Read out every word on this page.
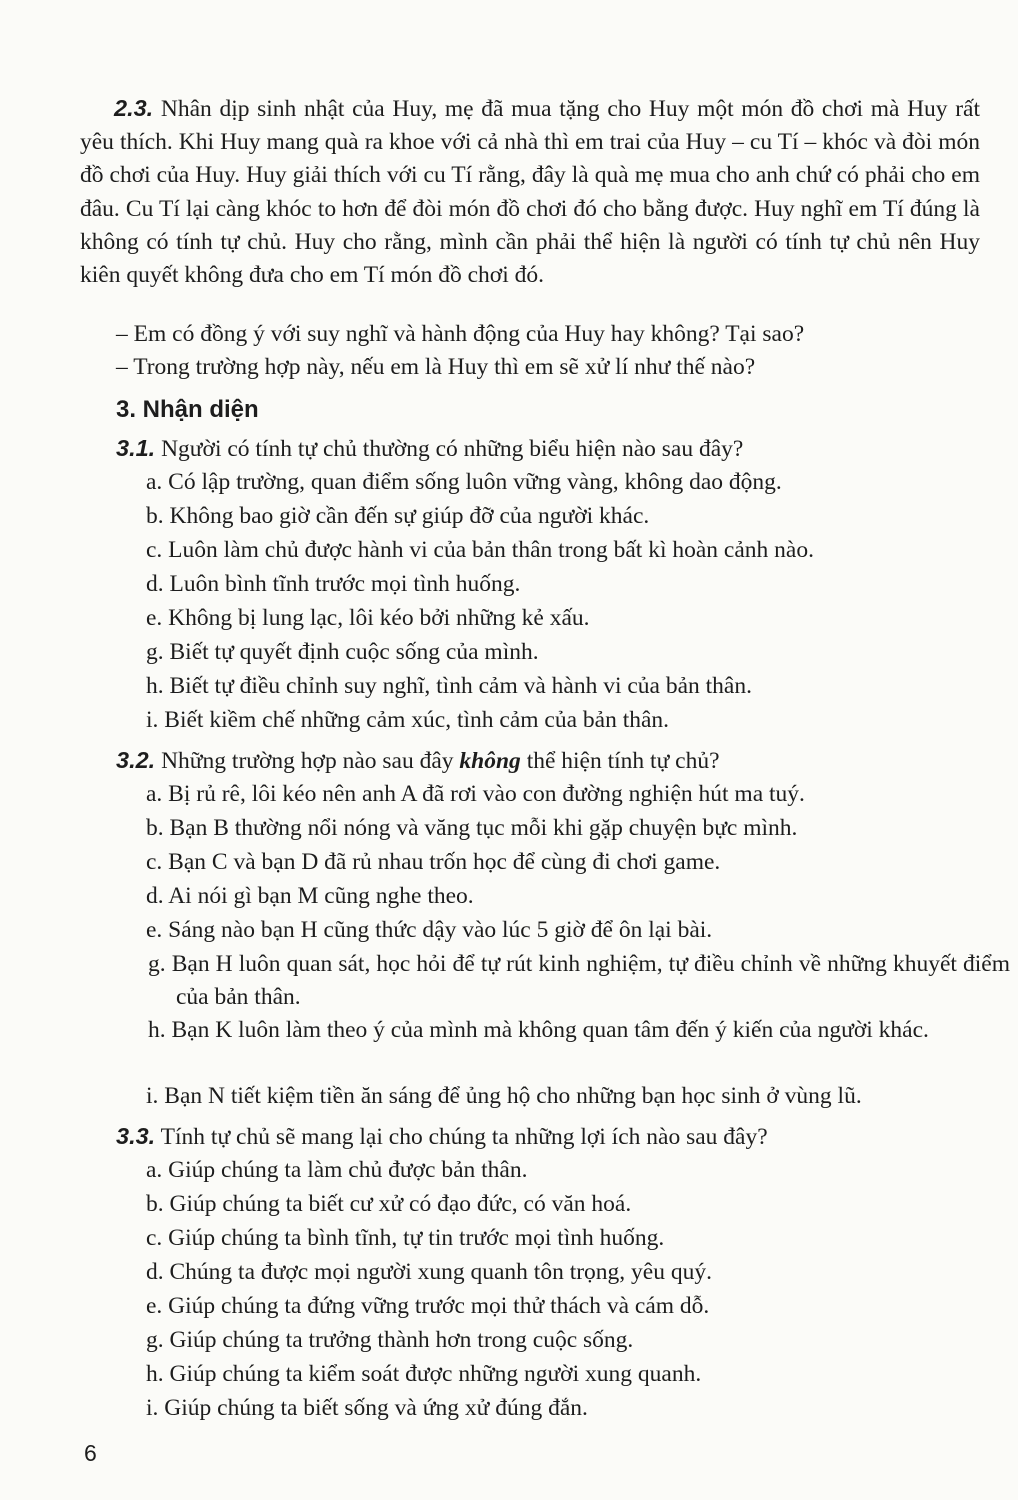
2.3. Nhân dịp sinh nhật của Huy, mẹ đã mua tặng cho Huy một món đồ chơi mà Huy rất yêu thích. Khi Huy mang quà ra khoe với cả nhà thì em trai của Huy – cu Tí – khóc và đòi món đồ chơi của Huy. Huy giải thích với cu Tí rằng, đây là quà mẹ mua cho anh chứ có phải cho em đâu. Cu Tí lại càng khóc to hơn để đòi món đồ chơi đó cho bằng được. Huy nghĩ em Tí đúng là không có tính tự chủ. Huy cho rằng, mình cần phải thể hiện là người có tính tự chủ nên Huy kiên quyết không đưa cho em Tí món đồ chơi đó.
– Em có đồng ý với suy nghĩ và hành động của Huy hay không? Tại sao?
– Trong trường hợp này, nếu em là Huy thì em sẽ xử lí như thế nào?
3. Nhận diện
3.1. Người có tính tự chủ thường có những biểu hiện nào sau đây?
a. Có lập trường, quan điểm sống luôn vững vàng, không dao động.
b. Không bao giờ cần đến sự giúp đỡ của người khác.
c. Luôn làm chủ được hành vi của bản thân trong bất kì hoàn cảnh nào.
d. Luôn bình tĩnh trước mọi tình huống.
e. Không bị lung lạc, lôi kéo bởi những kẻ xấu.
g. Biết tự quyết định cuộc sống của mình.
h. Biết tự điều chỉnh suy nghĩ, tình cảm và hành vi của bản thân.
i. Biết kiềm chế những cảm xúc, tình cảm của bản thân.
3.2. Những trường hợp nào sau đây không thể hiện tính tự chủ?
a. Bị rủ rê, lôi kéo nên anh A đã rơi vào con đường nghiện hút ma tuý.
b. Bạn B thường nổi nóng và văng tục mỗi khi gặp chuyện bực mình.
c. Bạn C và bạn D đã rủ nhau trốn học để cùng đi chơi game.
d. Ai nói gì bạn M cũng nghe theo.
e. Sáng nào bạn H cũng thức dậy vào lúc 5 giờ để ôn lại bài.
g. Bạn H luôn quan sát, học hỏi để tự rút kinh nghiệm, tự điều chỉnh về những khuyết điểm của bản thân.
h. Bạn K luôn làm theo ý của mình mà không quan tâm đến ý kiến của người khác.
i. Bạn N tiết kiệm tiền ăn sáng để ủng hộ cho những bạn học sinh ở vùng lũ.
3.3. Tính tự chủ sẽ mang lại cho chúng ta những lợi ích nào sau đây?
a. Giúp chúng ta làm chủ được bản thân.
b. Giúp chúng ta biết cư xử có đạo đức, có văn hoá.
c. Giúp chúng ta bình tĩnh, tự tin trước mọi tình huống.
d. Chúng ta được mọi người xung quanh tôn trọng, yêu quý.
e. Giúp chúng ta đứng vững trước mọi thử thách và cám dỗ.
g. Giúp chúng ta trưởng thành hơn trong cuộc sống.
h. Giúp chúng ta kiểm soát được những người xung quanh.
i. Giúp chúng ta biết sống và ứng xử đúng đắn.
6
